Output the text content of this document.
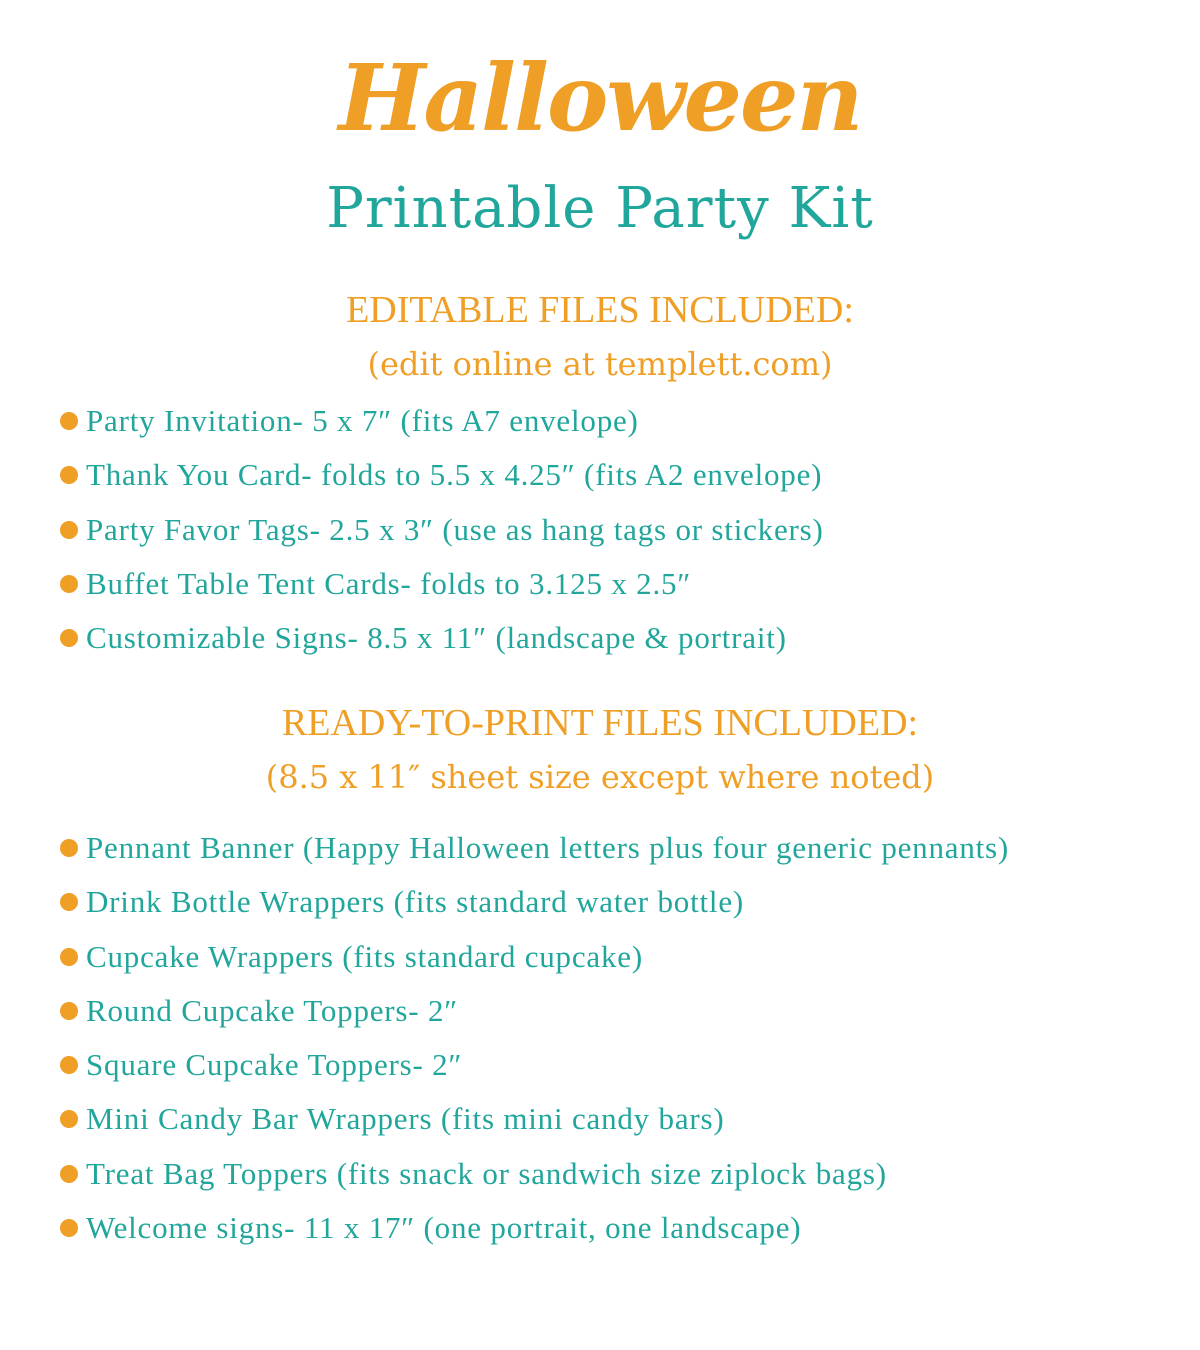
Halloween
Printable Party Kit
EDITABLE FILES INCLUDED:
(edit online at templett.com)
Party Invitation- 5 x 7″ (fits A7 envelope)
Thank You Card- folds to 5.5 x 4.25″ (fits A2 envelope)
Party Favor Tags- 2.5 x 3″ (use as hang tags or stickers)
Buffet Table Tent Cards- folds to 3.125 x 2.5″
Customizable Signs- 8.5 x 11″ (landscape & portrait)
READY-TO-PRINT FILES INCLUDED:
(8.5 x 11″ sheet size except where noted)
Pennant Banner (Happy Halloween letters plus four generic pennants)
Drink Bottle Wrappers (fits standard water bottle)
Cupcake Wrappers (fits standard cupcake)
Round Cupcake Toppers- 2″
Square Cupcake Toppers- 2″
Mini Candy Bar Wrappers (fits mini candy bars)
Treat Bag Toppers (fits snack or sandwich size ziplock bags)
Welcome signs- 11 x 17″ (one portrait, one landscape)
